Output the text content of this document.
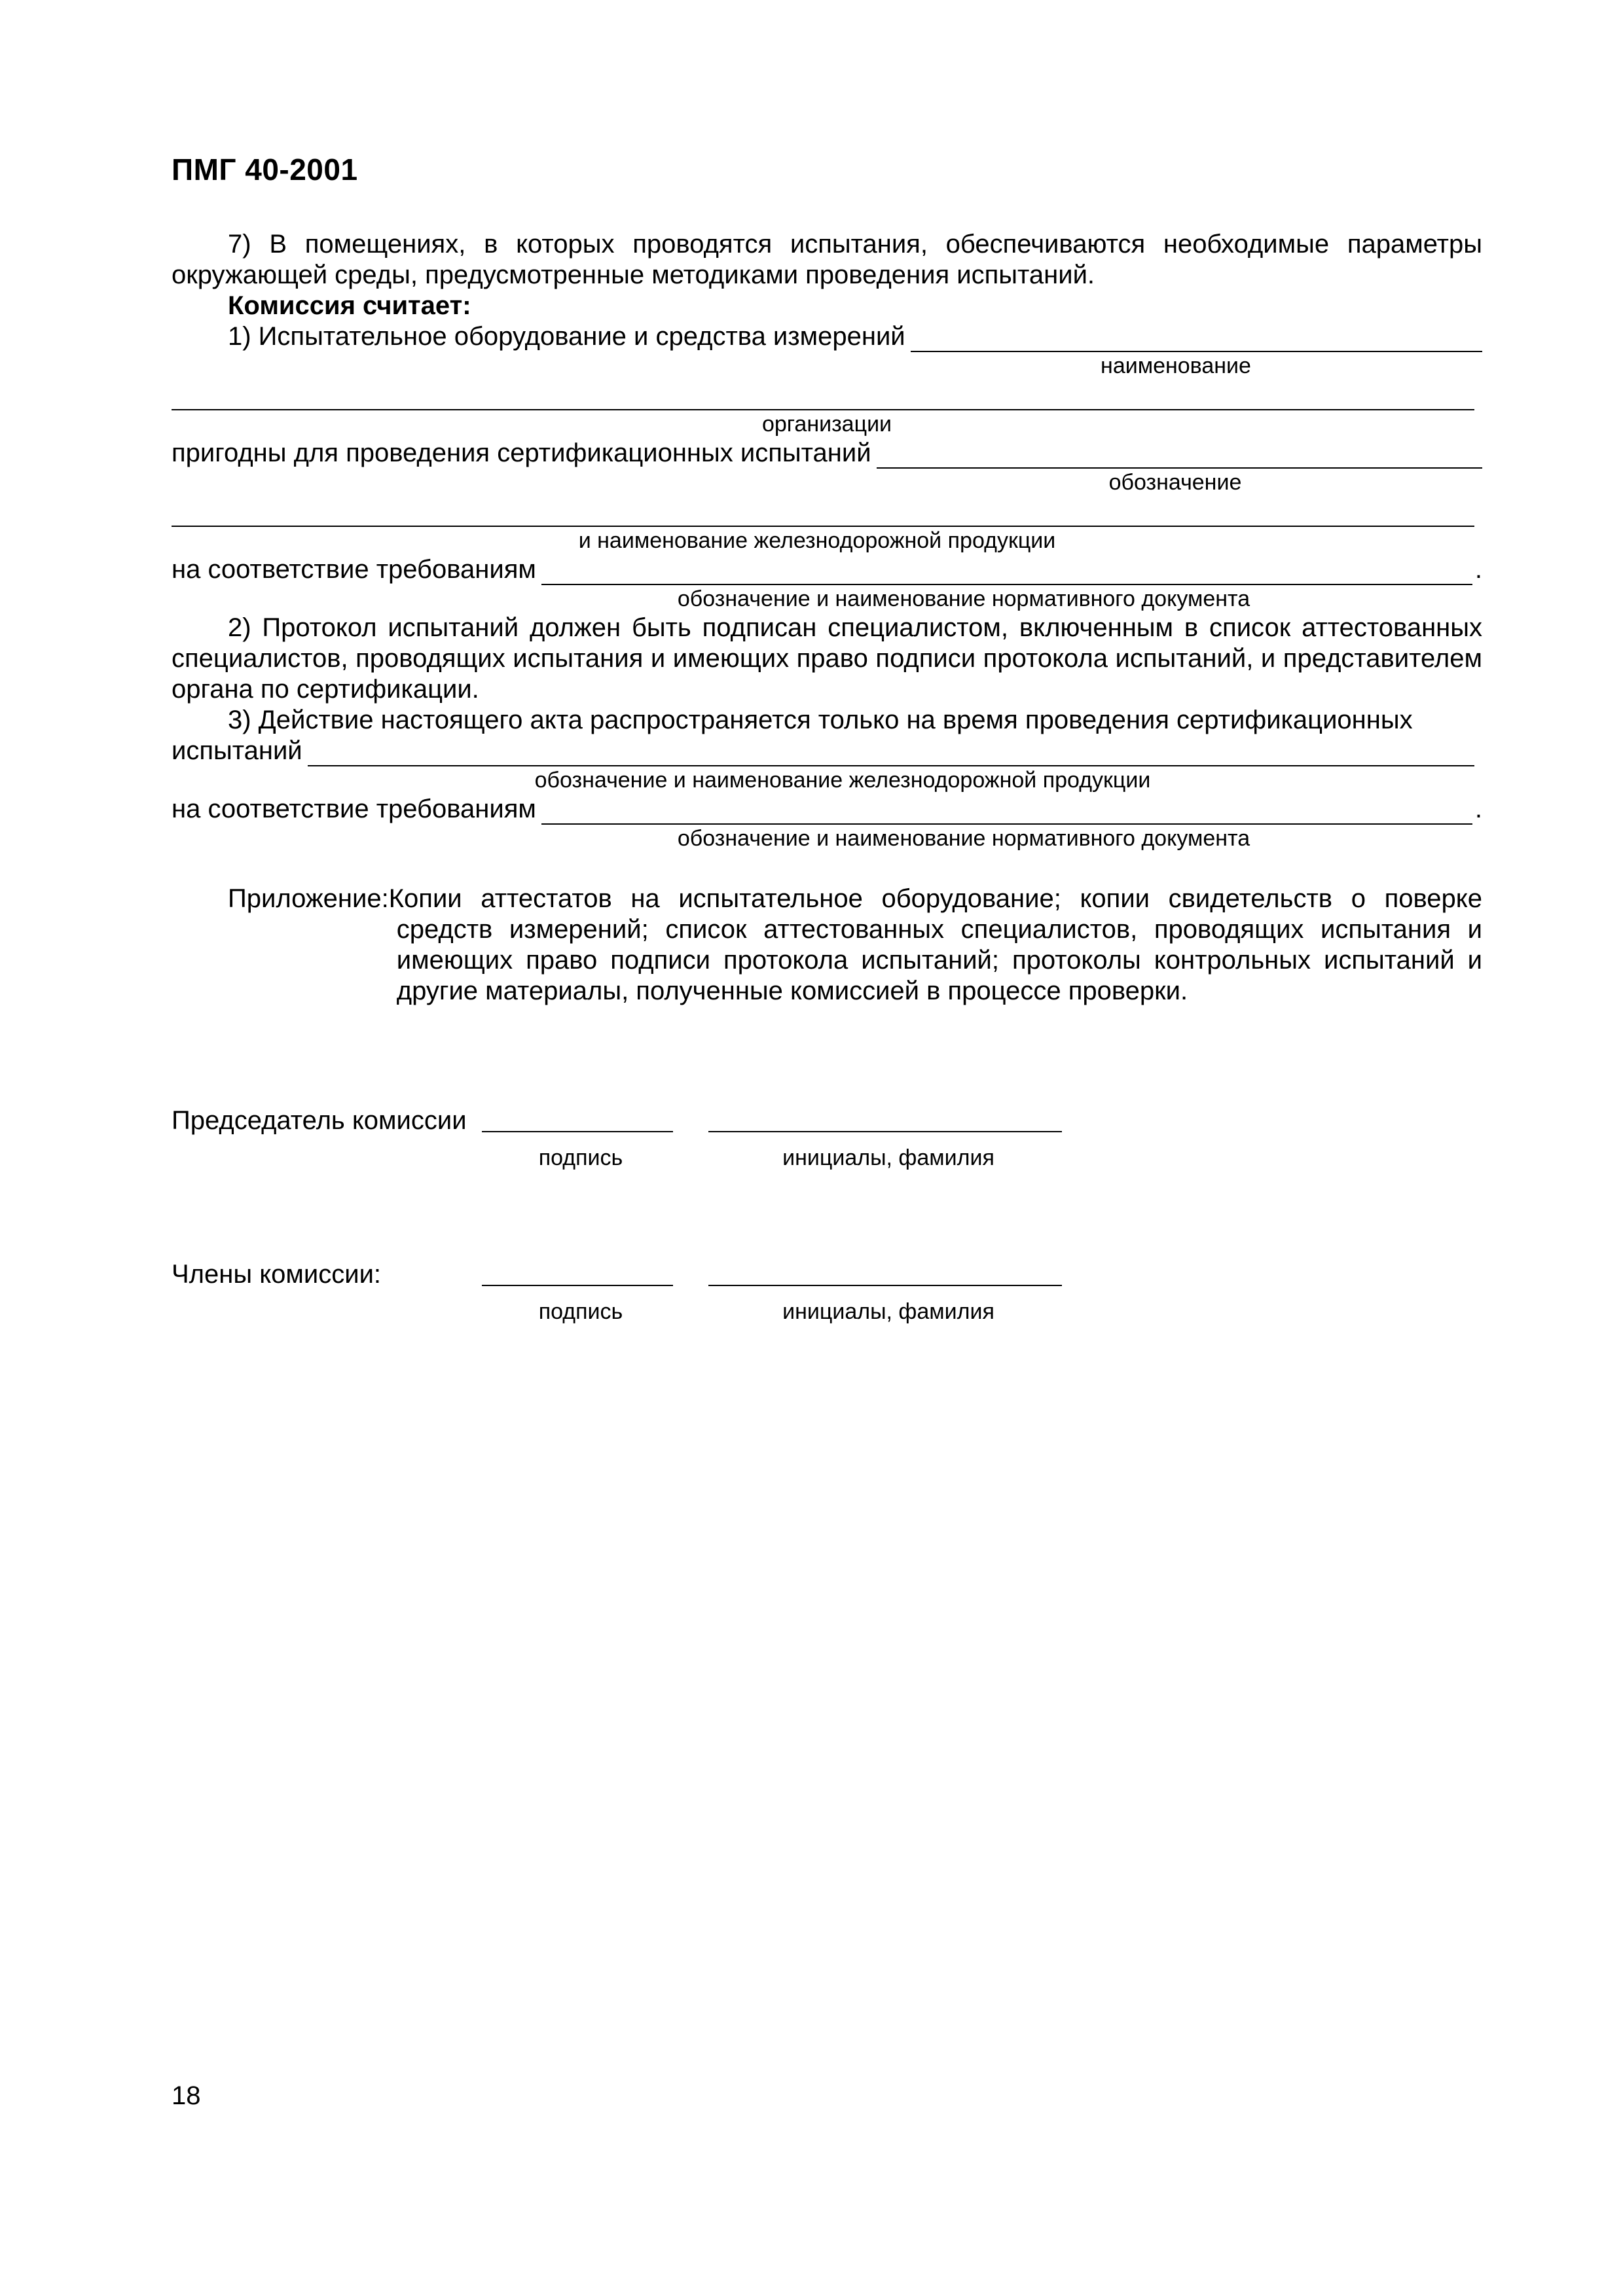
ПМГ 40-2001

7) В помещениях, в которых проводятся испытания, обеспечиваются необходимые параметры окружающей среды, предусмотренные методиками проведения испытаний.

Комиссия считает:
1) Испытательное оборудование и средства измерений
наименование
организации
пригодны для проведения сертификационных испытаний
обозначение
и наименование железнодорожной продукции
на соответствие требованиям	.
обозначение и наименование нормативного документа

2) Протокол испытаний должен быть подписан специалистом, включенным в список аттестованных специалистов, проводящих испытания и имеющих право подписи протокола испытаний, и представителем органа по сертификации.

3) Действие настоящего акта распространяется только на время проведения сертификационных

испытаний
обозначение и наименование железнодорожной продукции
на соответствие требованиям	.
обозначение и наименование нормативного документа
Приложение: Копии аттестатов на испытательное оборудование; копии свидетельств о поверке средств измерений; список аттестованных специалистов, проводящих испытания и имеющих право подписи протокола испытаний; протоколы контрольных испытаний и другие материалы, полученные комиссией в процессе проверки.
Председатель комиссии
подпись	инициалы, фамилия
Члены комиссии:
подпись	инициалы, фамилия
18
